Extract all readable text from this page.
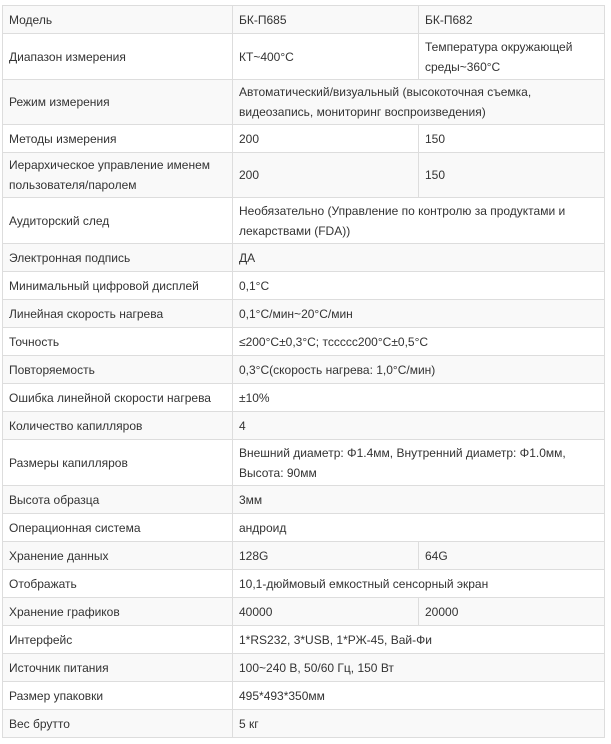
Модель	БК-П685	БК-П682
Диапазон измерения	КТ~400°C	Температура окружающей среды~360°C
Режим измерения	Автоматический/визуальный (высокоточная съемка, видеозапись, мониторинг воспроизведения)	
Методы измерения	200	150
Иерархическое управление именем пользователя/паролем	200	150
Аудиторский след	Необязательно (Управление по контролю за продуктами и лекарствами (FDA))	
Электронная подпись	ДА	
Минимальный цифровой дисплей	0,1°C	
Линейная скорость нагрева	0,1°C/мин~20°C/мин	
Точность	≤200°C±0,3°C; тсcccc200°C±0,5°C	
Повторяемость	0,3°C(скорость нагрева: 1,0°C/мин)	
Ошибка линейной скорости нагрева	±10%	
Количество капилляров	4	
Размеры капилляров	Внешний диаметр: Φ1.4мм, Внутренний диаметр: Φ1.0мм, Высота: 90мм	
Высота образца	3мм	
Операционная система	андроид	
Хранение данных	128G	64G
Отображать	10,1-дюймовый емкостный сенсорный экран	
Хранение графиков	40000	20000
Интерфейс	1*RS232, 3*USB, 1*РЖ-45, Вай-Фи	
Источник питания	100~240 В, 50/60 Гц, 150 Вт	
Размер упаковки	495*493*350мм	
Вес брутто	5 кг	
